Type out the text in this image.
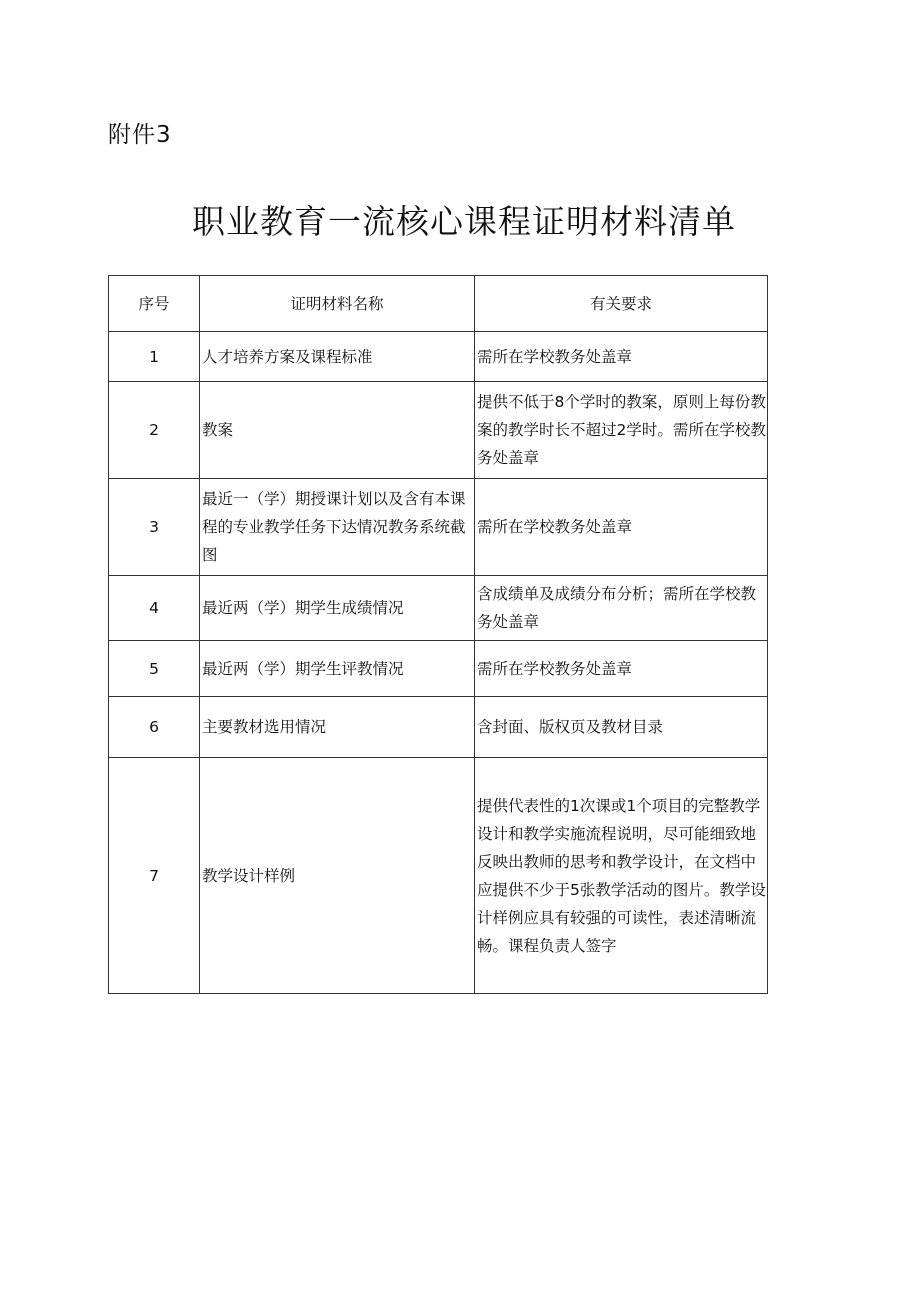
附件3
职业教育一流核心课程证明材料清单
序号	证明材料名称	有关要求
1	人才培养方案及课程标准	需所在学校教务处盖章
2	教案	提供不低于8个学时的教案，原则上每份教案的教学时长不超过2学时。需所在学校教务处盖章
3	最近一（学）期授课计划以及含有本课程的专业教学任务下达情况教务系统截图	需所在学校教务处盖章
4	最近两（学）期学生成绩情况	含成绩单及成绩分布分析；需所在学校教务处盖章
5	最近两（学）期学生评教情况	需所在学校教务处盖章
6	主要教材选用情况	含封面、版权页及教材目录
7	教学设计样例	提供代表性的1次课或1个项目的完整教学设计和教学实施流程说明，尽可能细致地反映出教师的思考和教学设计，在文档中应提供不少于5张教学活动的图片。教学设计样例应具有较强的可读性，表述清晰流畅。课程负责人签字
